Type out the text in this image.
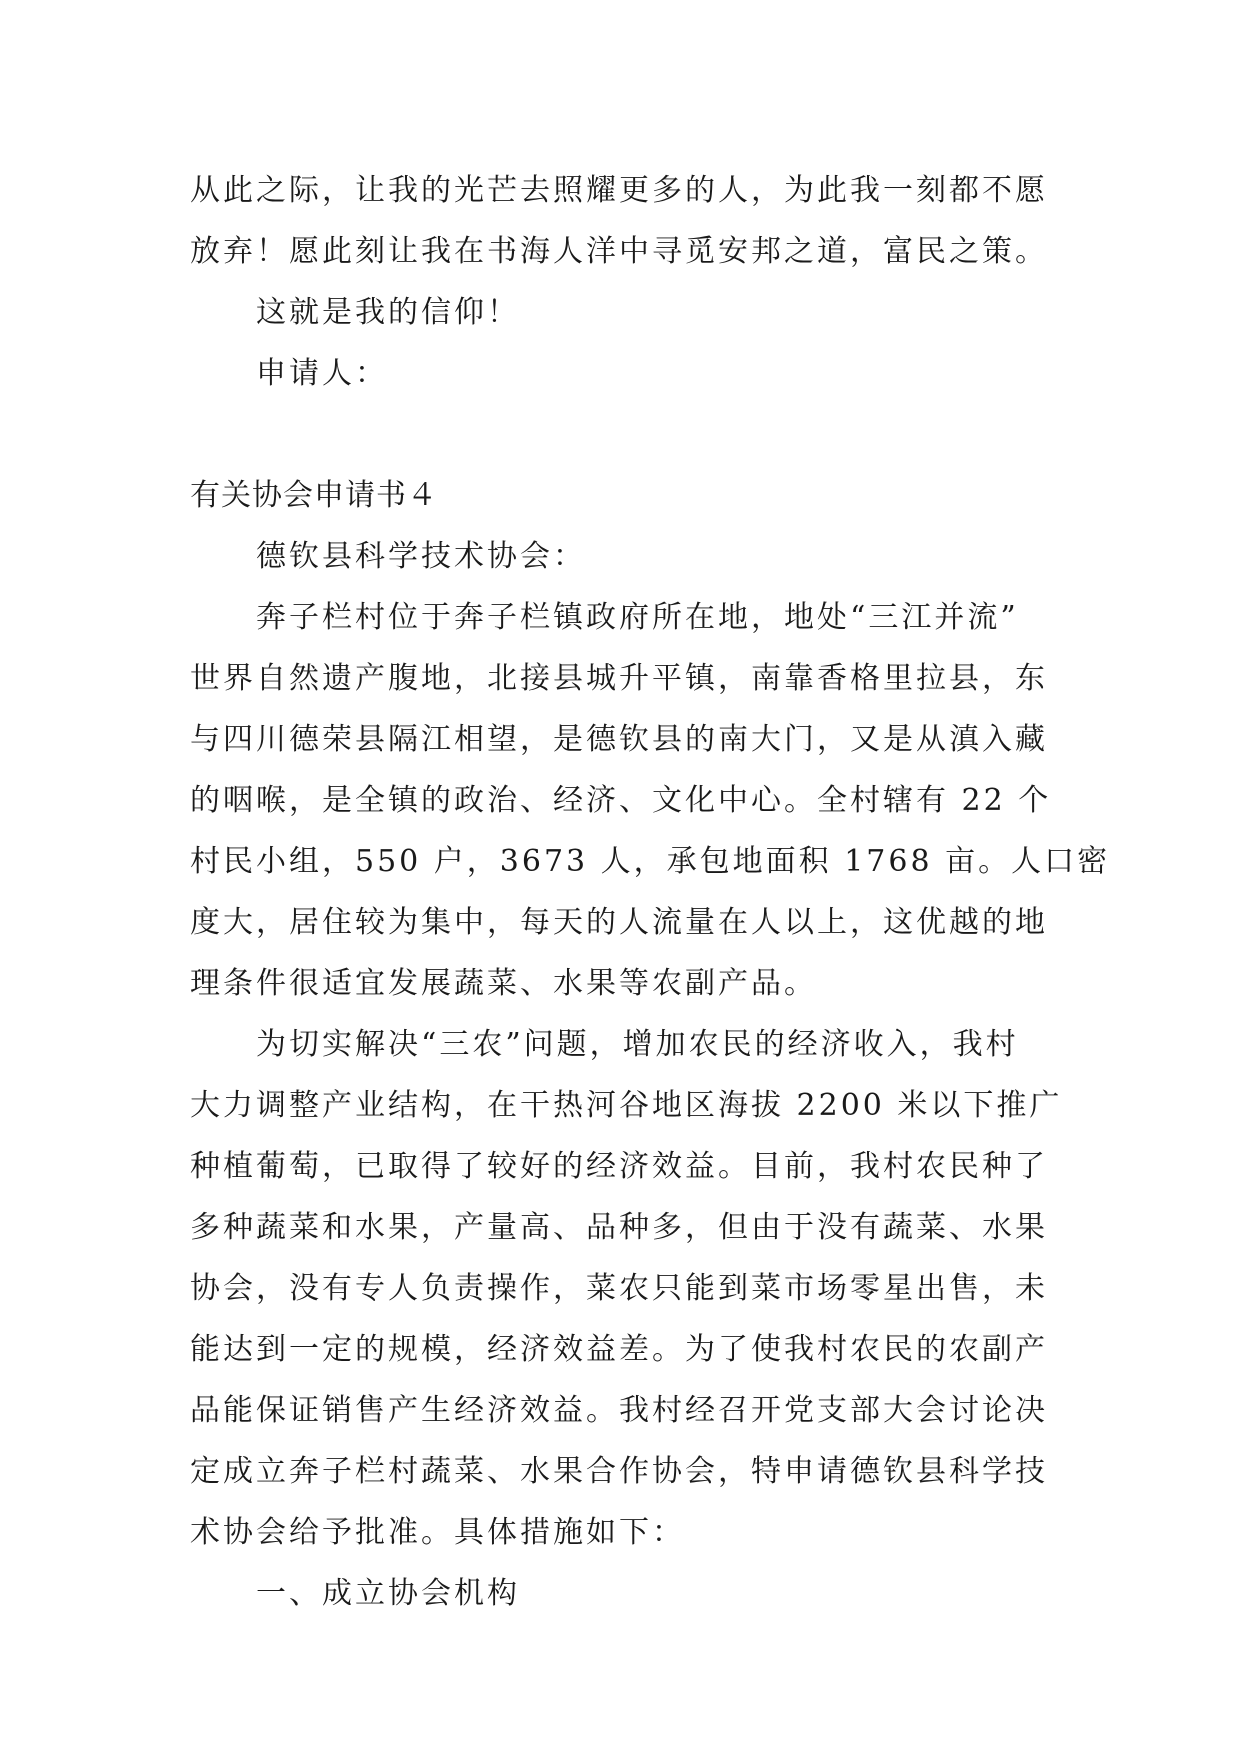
从此之际，让我的光芒去照耀更多的人，为此我一刻都不愿
放弃！愿此刻让我在书海人洋中寻觅安邦之道，富民之策。
这就是我的信仰！
申请人：
有关协会申请书４
德钦县科学技术协会：
奔子栏村位于奔子栏镇政府所在地，地处“三江并流”
世界自然遗产腹地，北接县城升平镇，南靠香格里拉县，东
与四川德荣县隔江相望，是德钦县的南大门，又是从滇入藏
的咽喉，是全镇的政治、经济、文化中心。全村辖有 22 个
村民小组，550 户，3673 人，承包地面积 1768 亩。人口密
度大，居住较为集中，每天的人流量在人以上，这优越的地
理条件很适宜发展蔬菜、水果等农副产品。
为切实解决“三农”问题，增加农民的经济收入，我村
大力调整产业结构，在干热河谷地区海拔 2200 米以下推广
种植葡萄，已取得了较好的经济效益。目前，我村农民种了
多种蔬菜和水果，产量高、品种多，但由于没有蔬菜、水果
协会，没有专人负责操作，菜农只能到菜市场零星出售，未
能达到一定的规模，经济效益差。为了使我村农民的农副产
品能保证销售产生经济效益。我村经召开党支部大会讨论决
定成立奔子栏村蔬菜、水果合作协会，特申请德钦县科学技
术协会给予批准。具体措施如下：
一、成立协会机构
